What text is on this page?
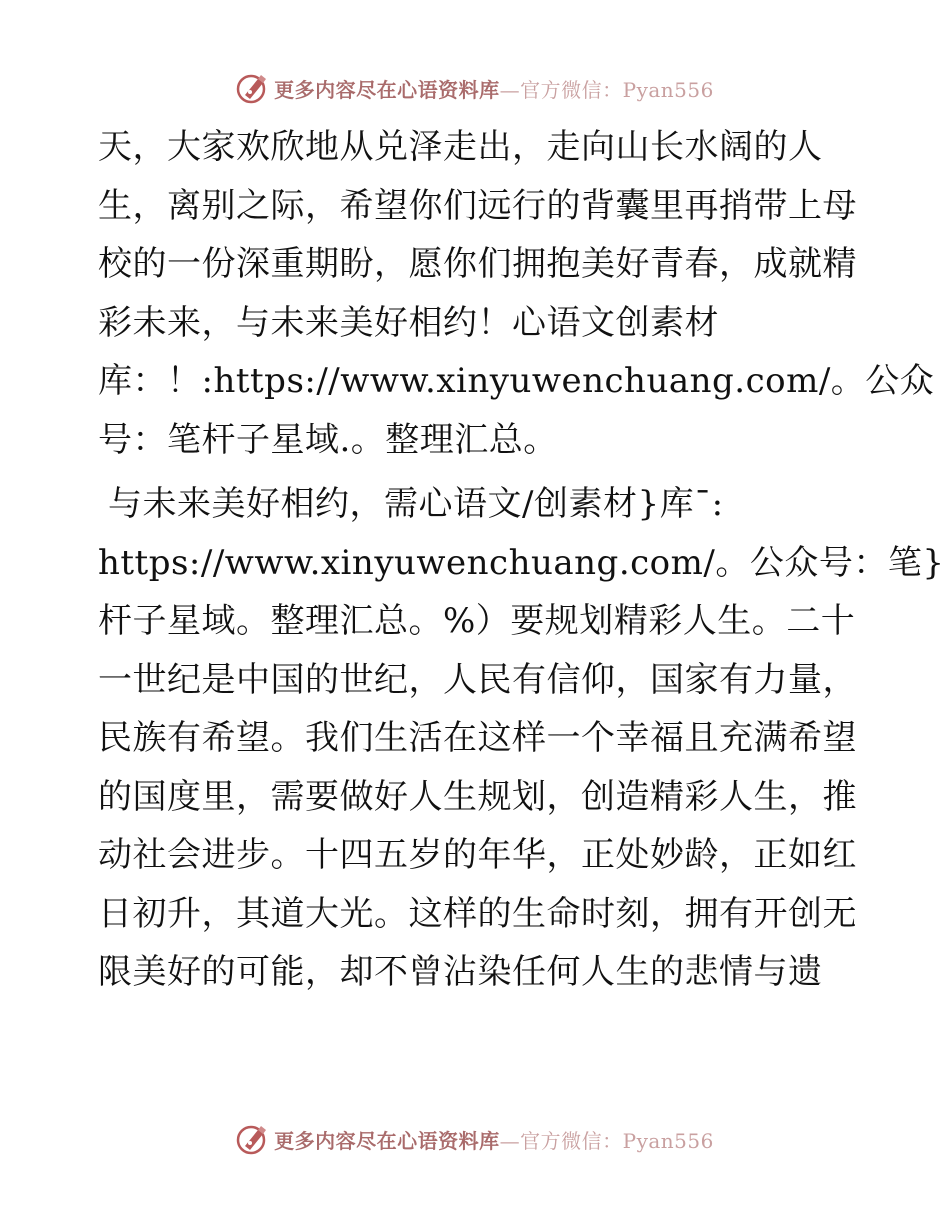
更多内容尽在心语资料库—官方微信：Pyan556

天，大家欢欣地从兑泽走出，走向山长水阔的人
生，离别之际，希望你们远行的背囊里再捎带上母
校的一份深重期盼，愿你们拥抱美好青春，成就精
彩未来，与未来美好相约！心语文创素材
库：！:https://www.xinyuwenchuang.com/。公众
号：笔杆子星域.。整理汇总。

与未来美好相约，需心语文/创素材}库¯:
https://www.xinyuwenchuang.com/。公众号：笔}
杆子星域。整理汇总。%）要规划精彩人生。二十
一世纪是中国的世纪，人民有信仰，国家有力量，
民族有希望。我们生活在这样一个幸福且充满希望
的国度里，需要做好人生规划，创造精彩人生，推
动社会进步。十四五岁的年华，正处妙龄，正如红
日初升，其道大光。这样的生命时刻，拥有开创无
限美好的可能，却不曾沾染任何人生的悲情与遗

更多内容尽在心语资料库—官方微信：Pyan556
